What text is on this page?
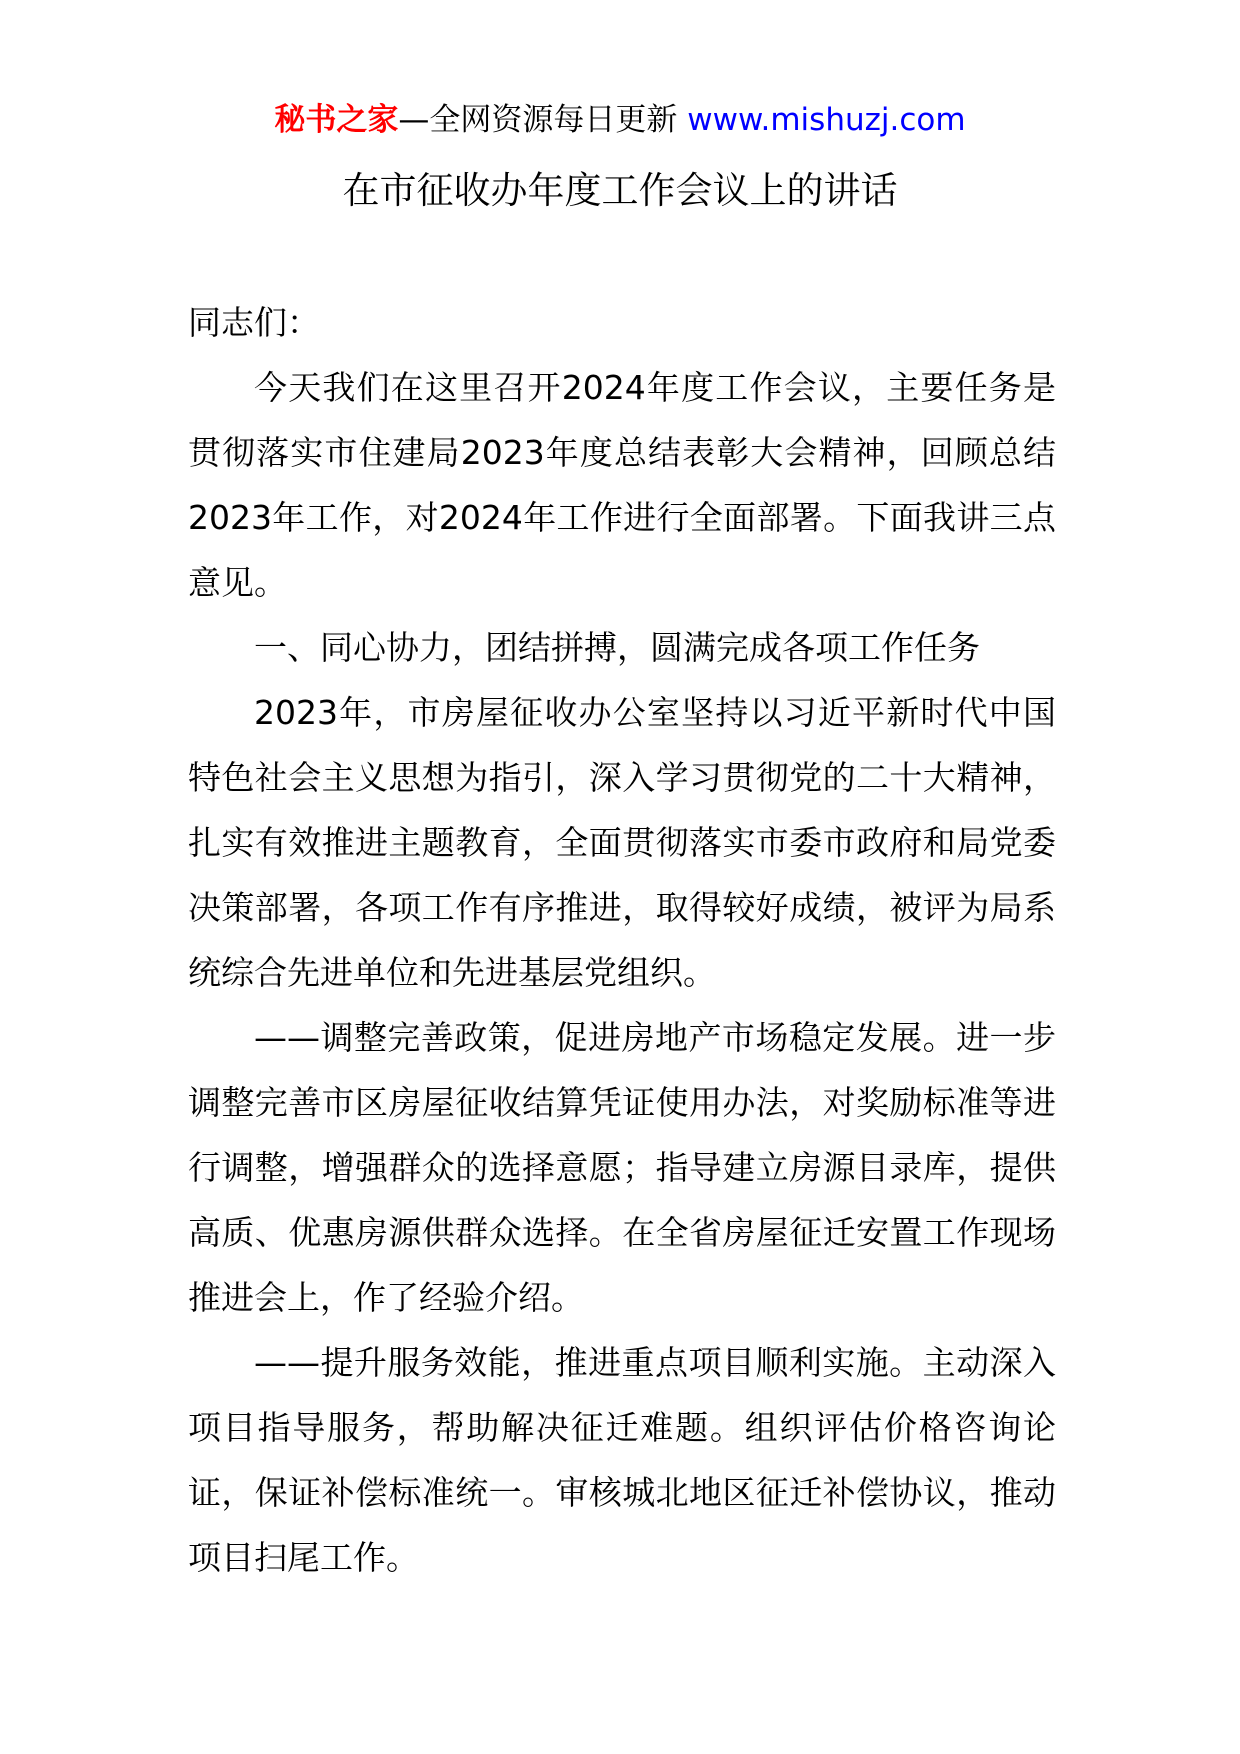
秘书之家—全网资源每日更新 www.mishuzj.com
在市征收办年度工作会议上的讲话

同志们：

今天我们在这里召开2024年度工作会议，主要任务是贯彻落实市住建局2023年度总结表彰大会精神，回顾总结2023年工作，对2024年工作进行全面部署。下面我讲三点意见。

一、同心协力，团结拼搏，圆满完成各项工作任务

2023年，市房屋征收办公室坚持以习近平新时代中国特色社会主义思想为指引，深入学习贯彻党的二十大精神，扎实有效推进主题教育，全面贯彻落实市委市政府和局党委决策部署，各项工作有序推进，取得较好成绩，被评为局系统综合先进单位和先进基层党组织。

——调整完善政策，促进房地产市场稳定发展。进一步调整完善市区房屋征收结算凭证使用办法，对奖励标准等进行调整，增强群众的选择意愿；指导建立房源目录库，提供高质、优惠房源供群众选择。在全省房屋征迁安置工作现场推进会上，作了经验介绍。

——提升服务效能，推进重点项目顺利实施。主动深入项目指导服务，帮助解决征迁难题。组织评估价格咨询论证，保证补偿标准统一。审核城北地区征迁补偿协议，推动项目扫尾工作。
